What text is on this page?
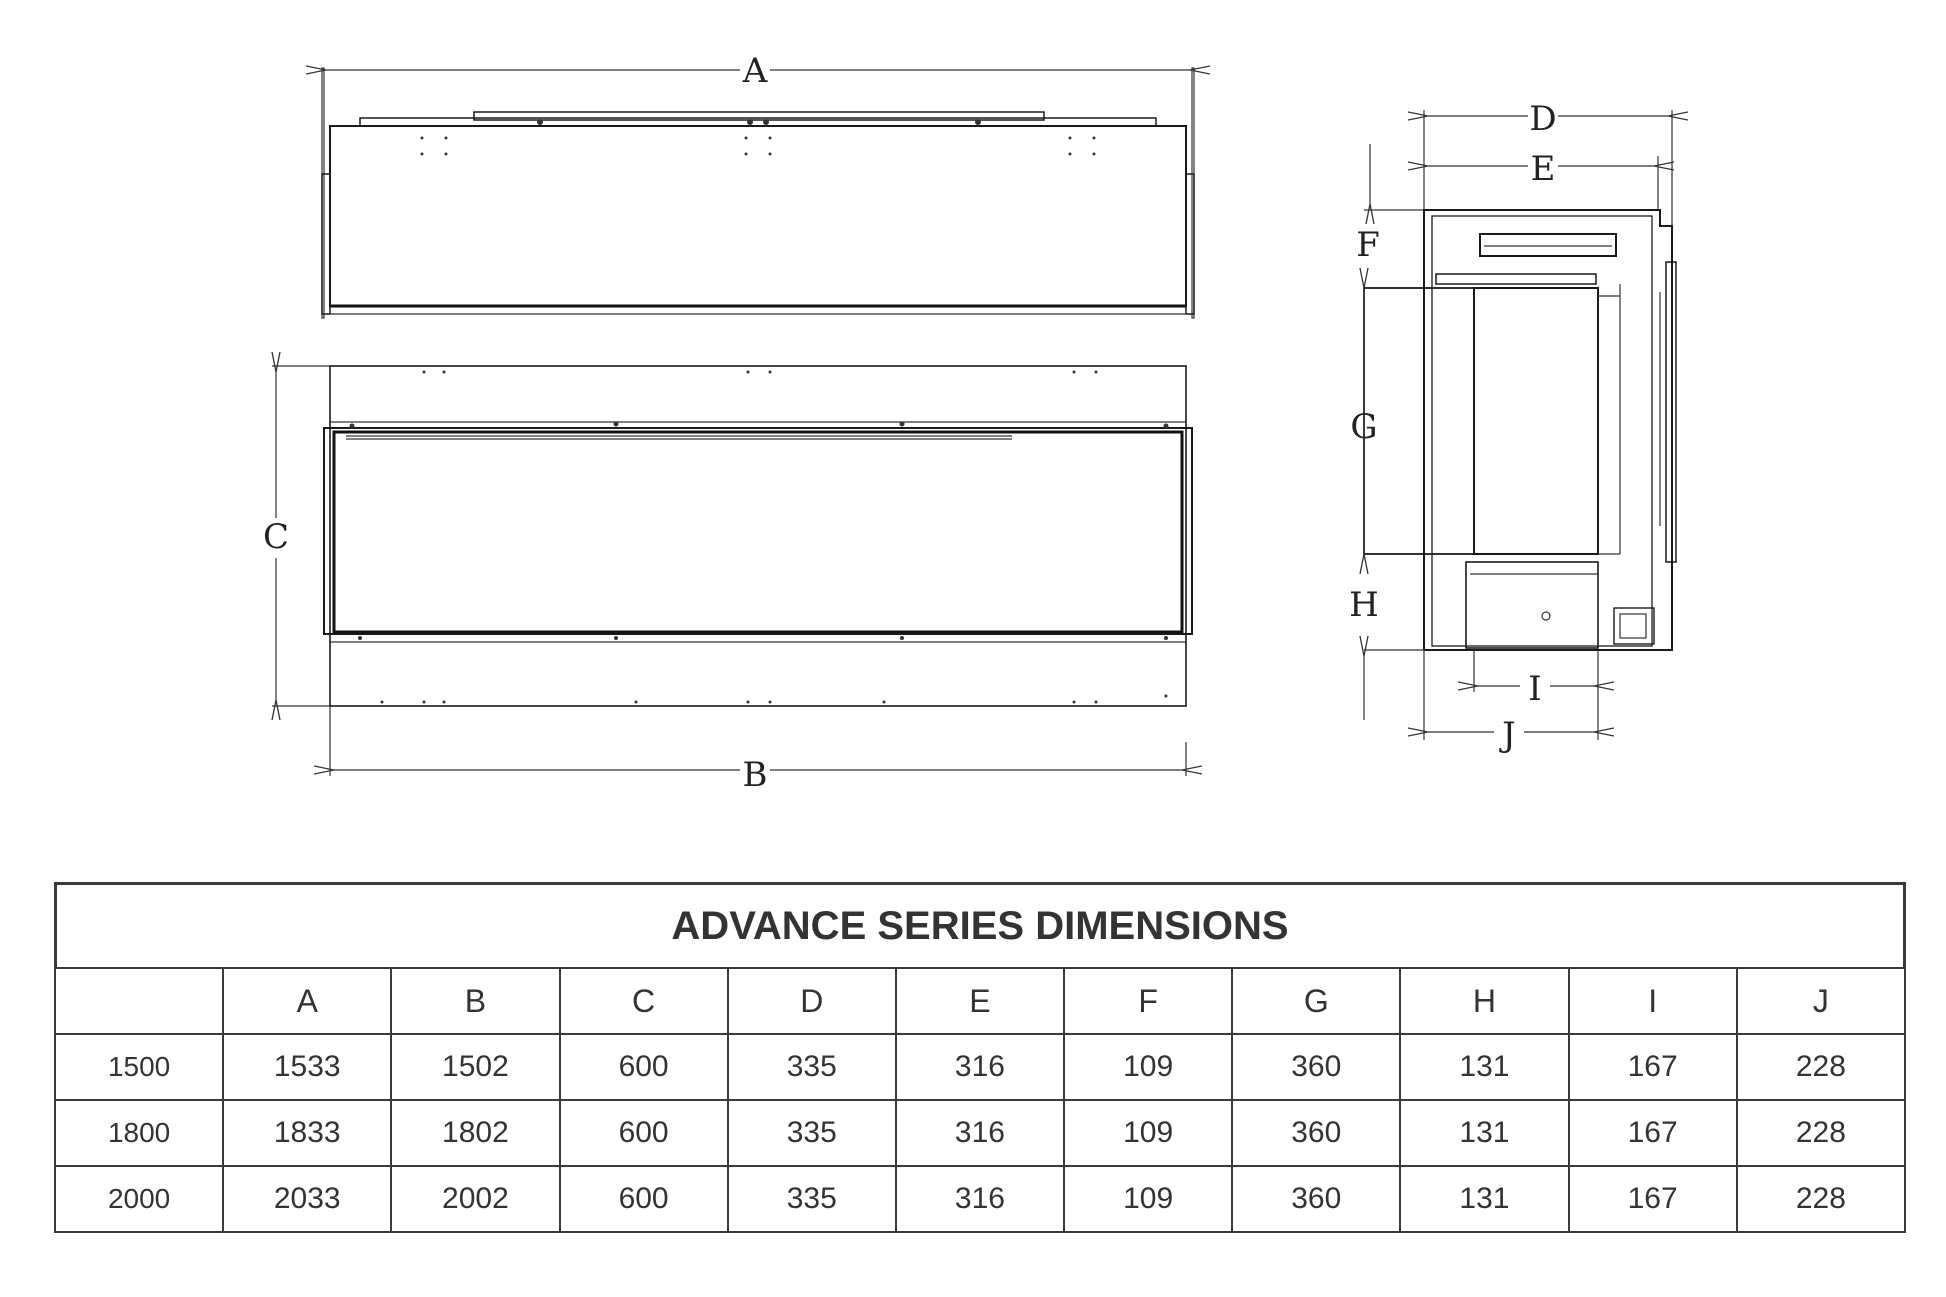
A
C
B
D
E
F
G
H
I
J
ADVANCE SERIES DIMENSIONS
	A	B	C	D	E	F	G	H	I	J
1500	1533	1502	600	335	316	109	360	131	167	228
1800	1833	1802	600	335	316	109	360	131	167	228
2000	2033	2002	600	335	316	109	360	131	167	228
